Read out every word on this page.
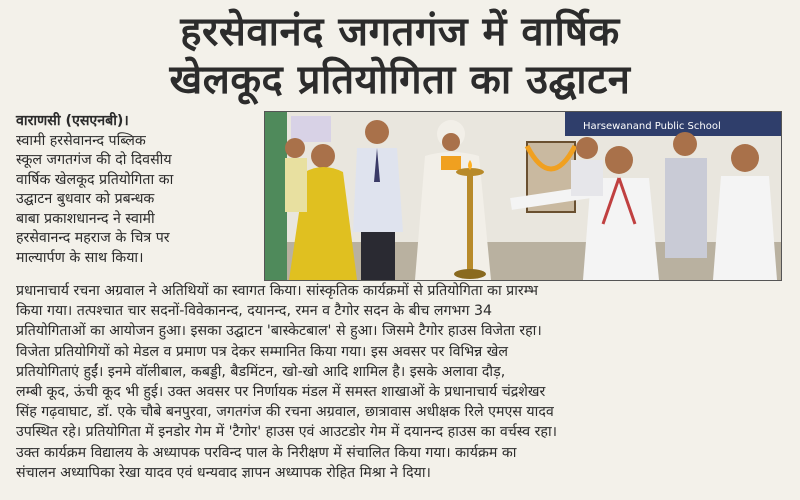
हरसेवानंद जगतगंज में वार्षिक
खेलकूद प्रतियोगिता का उद्घाटन
वाराणसी (एसएनबी)।
स्वामी हरसेवानन्द पब्लिक
स्कूल जगतगंज की दो दिवसीय
वार्षिक खेलकूद प्रतियोगिता का
उद्घाटन बुधवार को प्रबन्धक
बाबा प्रकाशधानन्द ने स्वामी
हरसेवानन्द महराज के चित्र पर
माल्यार्पण के साथ किया।
Harsewanand Public School

प्रधानाचार्य रचना अग्रवाल ने अतिथियों का स्वागत किया। सांस्कृतिक कार्यक्रमों से प्रतियोगिता का प्रारम्भ

किया गया। तत्पश्चात चार सदनों-विवेकानन्द, दयानन्द, रमन व टैगोर सदन के बीच लगभग 34

प्रतियोगिताओं का आयोजन हुआ। इसका उद्घाटन 'बास्केटबाल' से हुआ। जिसमे टैगोर हाउस विजेता रहा।

विजेता प्रतियोगियों को मेडल व प्रमाण पत्र देकर सम्मानित किया गया। इस अवसर पर विभिन्न खेल

प्रतियोगिताएं हुईं। इनमे वॉलीबाल, कबड्डी, बैडमिंटन, खो-खो आदि शामिल है। इसके अलावा दौड़,

लम्बी कूद, ऊंची कूद भी हुई। उक्त अवसर पर निर्णायक मंडल में समस्त शाखाओं के प्रधानाचार्य चंद्रशेखर

सिंह गढ़वाघाट, डॉ. एके चौबे बनपुरवा, जगतगंज की रचना अग्रवाल, छात्रावास अधीक्षक रिले एमएस यादव

उपस्थित रहे। प्रतियोगिता में इनडोर गेम में 'टैगोर' हाउस एवं आउटडोर गेम में दयानन्द हाउस का वर्चस्व रहा।

उक्त कार्यक्रम विद्यालय के अध्यापक परविन्द पाल के निरीक्षण में संचालित किया गया। कार्यक्रम का

संचालन अध्यापिका रेखा यादव एवं धन्यवाद ज्ञापन अध्यापक रोहित मिश्रा ने दिया।
